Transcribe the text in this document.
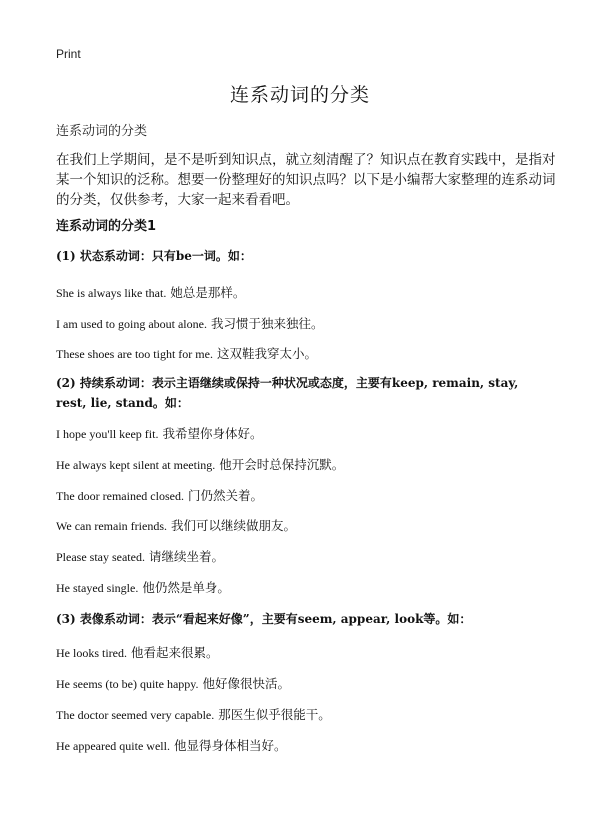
Print
连系动词的分类
连系动词的分类

在我们上学期间，是不是听到知识点，就立刻清醒了？知识点在教育实践中，是指对某一个知识的泛称。想要一份整理好的知识点吗？以下是小编帮大家整理的连系动词的分类，仅供参考，大家一起来看看吧。

连系动词的分类1
(1) 状态系动词：只有be一词。如：
She is always like that. 她总是那样。
I am used to going about alone. 我习惯于独来独往。
These shoes are too tight for me. 这双鞋我穿太小。
(2) 持续系动词：表示主语继续或保持一种状况或态度，主要有keep, remain, stay, rest, lie, stand。如：
I hope you'll keep fit. 我希望你身体好。
He always kept silent at meeting. 他开会时总保持沉默。
The door remained closed. 门仍然关着。
We can remain friends. 我们可以继续做朋友。
Please stay seated. 请继续坐着。
He stayed single. 他仍然是单身。
(3) 表像系动词：表示“看起来好像”，主要有seem, appear, look等。如：
He looks tired. 他看起来很累。
He seems (to be) quite happy. 他好像很快活。
The doctor seemed very capable. 那医生似乎很能干。
He appeared quite well. 他显得身体相当好。
